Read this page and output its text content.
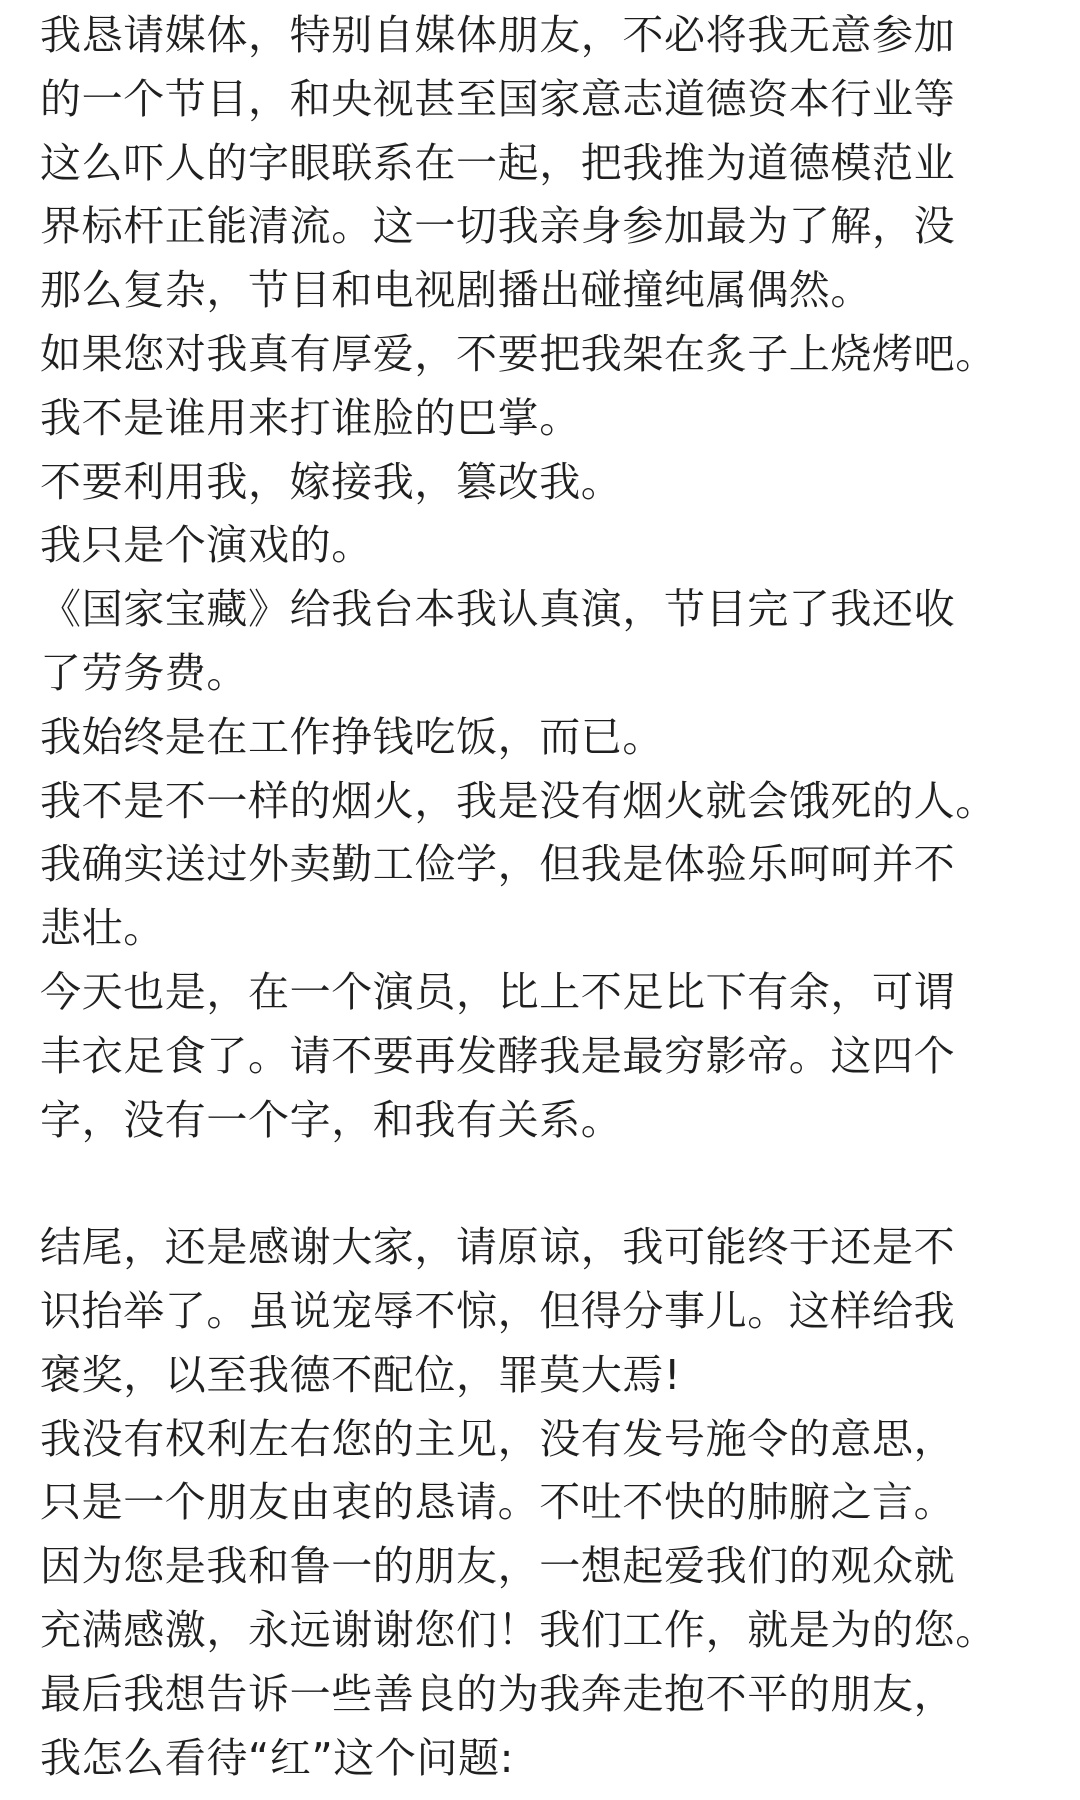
我恳请媒体，特别自媒体朋友，不必将我无意参加
的一个节目，和央视甚至国家意志道德资本行业等
这么吓人的字眼联系在一起，把我推为道德模范业
界标杆正能清流。这一切我亲身参加最为了解，没
那么复杂，节目和电视剧播出碰撞纯属偶然。
如果您对我真有厚爱，不要把我架在炙子上烧烤吧。
我不是谁用来打谁脸的巴掌。
不要利用我，嫁接我，篡改我。
我只是个演戏的。
《国家宝藏》给我台本我认真演，节目完了我还收
了劳务费。
我始终是在工作挣钱吃饭，而已。
我不是不一样的烟火，我是没有烟火就会饿死的人。
我确实送过外卖勤工俭学，但我是体验乐呵呵并不
悲壮。
今天也是，在一个演员，比上不足比下有余，可谓
丰衣足食了。请不要再发酵我是最穷影帝。这四个
字，没有一个字，和我有关系。
结尾，还是感谢大家，请原谅，我可能终于还是不
识抬举了。虽说宠辱不惊，但得分事儿。这样给我
褒奖，以至我德不配位，罪莫大焉!
我没有权利左右您的主见，没有发号施令的意思，
只是一个朋友由衷的恳请。不吐不快的肺腑之言。
因为您是我和鲁一的朋友，一想起爱我们的观众就
充满感激，永远谢谢您们！我们工作，就是为的您。
最后我想告诉一些善良的为我奔走抱不平的朋友，
我怎么看待“红”这个问题:
